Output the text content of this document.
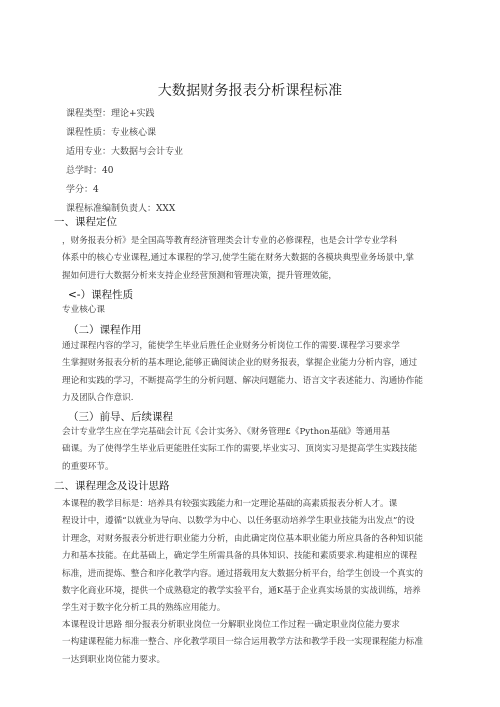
大数据财务报表分析课程标准
课程类型：理论+实践
课程性质：专业核心课
适用专业：大数据与会计专业
总学时：40
学分：4
课程标准编制负责人：XXX
一、课程定位
，财务报表分析》是全国高等教育经济管理类会计专业的必修课程，也是会计学专业学科
体系中的核心专业课程,通过本课程的学习,使学生能在财务大数据的各模块典型业务场景中,掌
握如何进行大数据分析来支持企业经营预测和管理决策，提升管理效能，
<-）课程性质
专业核心课
（二）课程作用
通过课程内容的学习，能使学生毕业后胜任企业财务分析岗位工作的需要.课程学习要求学
生掌握财务报表分析的基本理论,能够正确阅读企业的财务报表，掌握企业能力分析内容，通过
理论和实践的学习，不断提高学生的分析问题、解决问题能力、语言文字表述能力、沟通协作能
力及团队合作意识.
（三）前导、后续课程
会计专业学生应在学完基础会计瓦《会计实务》、《财务管理£《Python基础》等通用基
础课。为了使得学生毕业后更能胜任实际工作的需要,毕业实习、顶岗实习是提高学生实践技能
的重要环节。
二、课程理念及设计思路
本课程的教学目标是：培养具有较强实践能力和一定理论基础的高素质报表分析人才。课
程设计中，遵循“以就业为导向、以数学为中心、以任务驱动培养学生职业技能为出发点”的设
计理念，对财务报表分析进行职业能力分析，由此确定岗位基本职业能力所应具备的各种知识能
力和基本技能。在此基础上，确定学生所需具备的具体知识、技能和素质要求.构建相应的课程
标准，进而提炼、整合和序化教学内容。通过搭载用友大数据分析平台，给学生创设一个真实的
数字化商业环境，提供一个成熟稳定的教学实验平台，通K基于企业真实场景的实战训练，培养
学生对于数字化分析工具的熟练应用能力。
本课程设计思路 细分报表分析职业岗位一分解职业岗位工作过程一确定职业岗位能力要求
一构建课程能力标准一整合、序化教学项目一综合运用教学方法和教学手段一实现课程能力标准
一达到职业岗位能力要求。
